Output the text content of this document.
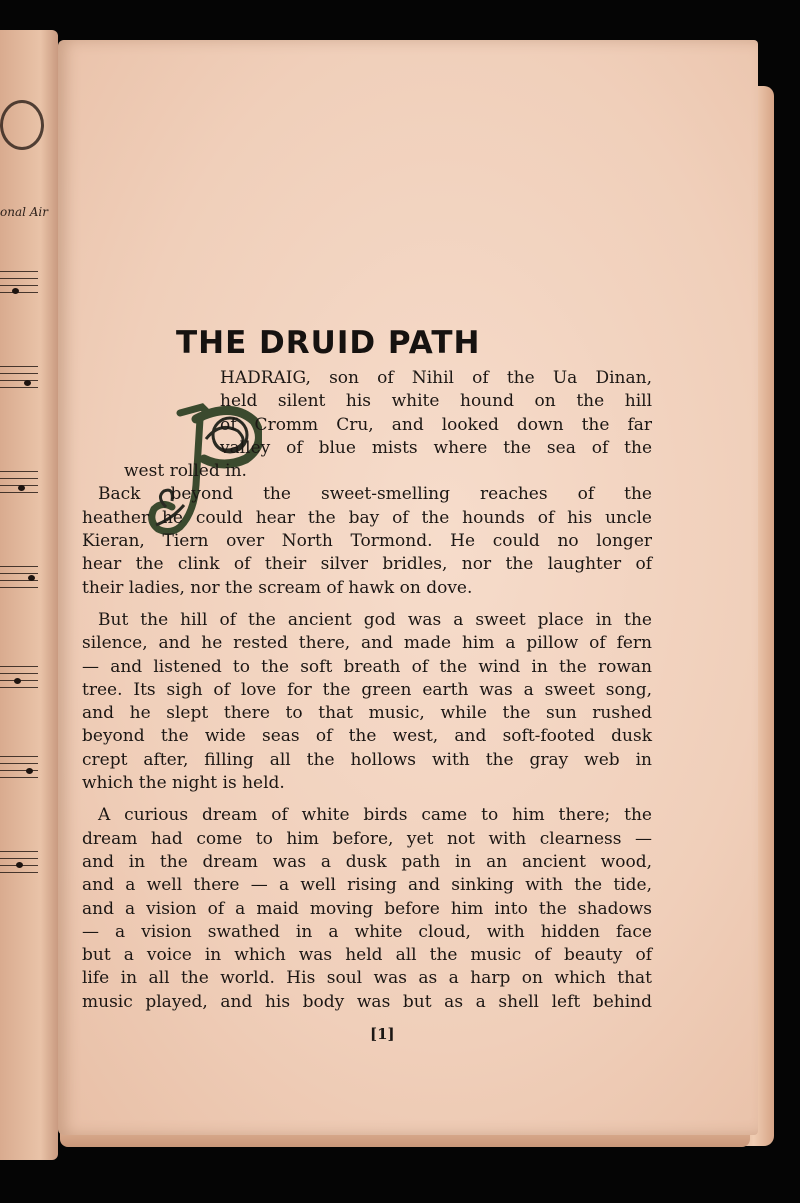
onal Air
THE DRUID PATH

HADRAIG, son of Nihil of the Ua Dinan,
held silent his white hound on the hill
of Cromm Cru, and looked down the far
valley of blue mists where the sea of the
west rolled in.

Back beyond the sweet-smelling reaches of the
heather he could hear the bay of the hounds of his uncle
Kieran, Tiern over North Tormond. He could no longer
hear the clink of their silver bridles, nor the laughter of
their ladies, nor the scream of hawk on dove.

But the hill of the ancient god was a sweet place in the
silence, and he rested there, and made him a pillow of fern
— and listened to the soft breath of the wind in the rowan
tree. Its sigh of love for the green earth was a sweet song,
and he slept there to that music, while the sun rushed
beyond the wide seas of the west, and soft-footed dusk
crept after, filling all the hollows with the gray web in
which the night is held.

A curious dream of white birds came to him there; the
dream had come to him before, yet not with clearness —
and in the dream was a dusk path in an ancient wood,
and a well there — a well rising and sinking with the tide,
and a vision of a maid moving before him into the shadows
— a vision swathed in a white cloud, with hidden face
but a voice in which was held all the music of beauty of
life in all the world. His soul was as a harp on which that
music played, and his body was but as a shell left behind

[1]
